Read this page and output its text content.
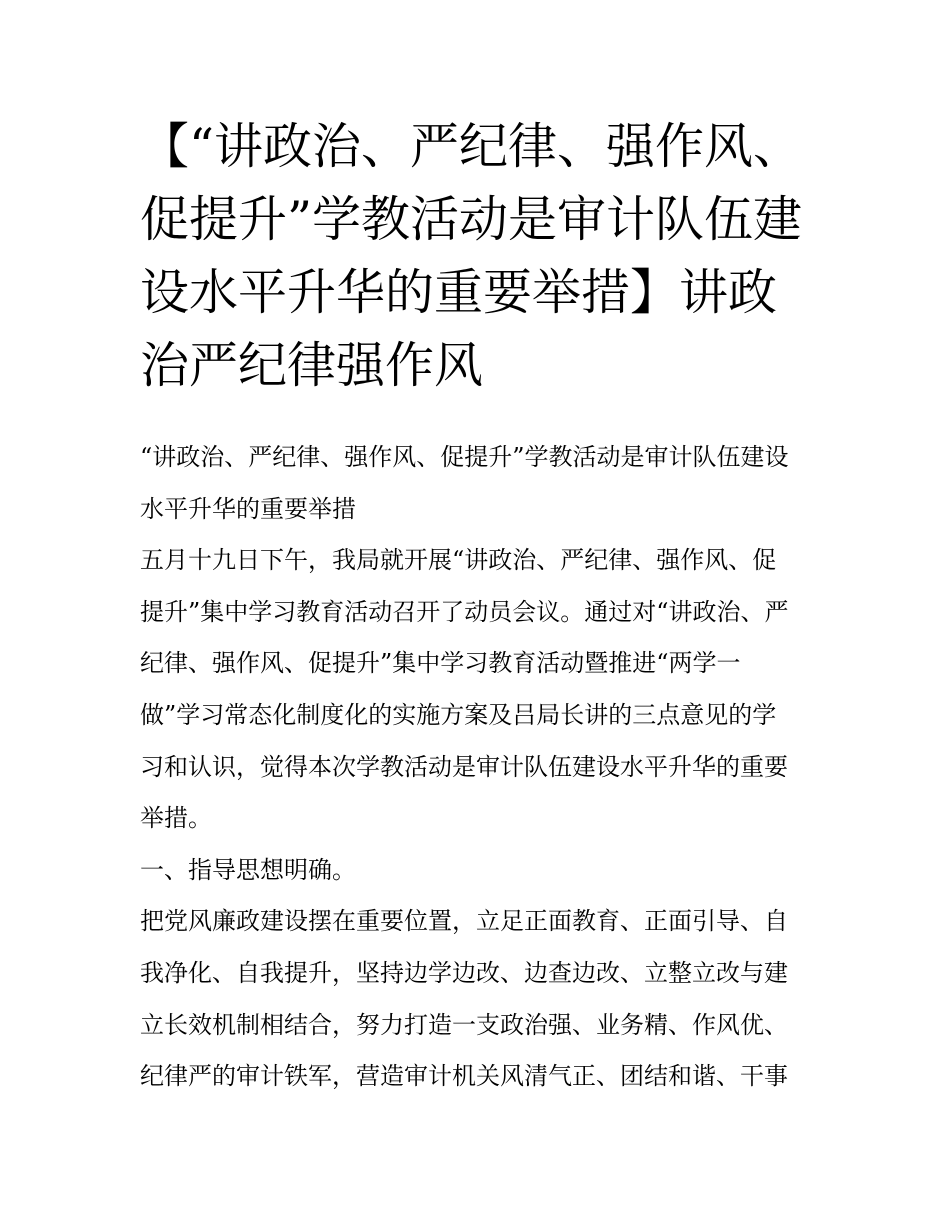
【“讲政治、严纪律、强作风、
促提升”学教活动是审计队伍建
设水平升华的重要举措】讲政
治严纪律强作风
“讲政治、严纪律、强作风、促提升”学教活动是审计队伍建设
水平升华的重要举措
五月十九日下午，我局就开展“讲政治、严纪律、强作风、促
提升”集中学习教育活动召开了动员会议。通过对“讲政治、严
纪律、强作风、促提升”集中学习教育活动暨推进“两学一
做”学习常态化制度化的实施方案及吕局长讲的三点意见的学
习和认识，觉得本次学教活动是审计队伍建设水平升华的重要
举措。
一、指导思想明确。
把党风廉政建设摆在重要位置，立足正面教育、正面引导、自
我净化、自我提升，坚持边学边改、边查边改、立整立改与建
立长效机制相结合，努力打造一支政治强、业务精、作风优、
纪律严的审计铁军，营造审计机关风清气正、团结和谐、干事
